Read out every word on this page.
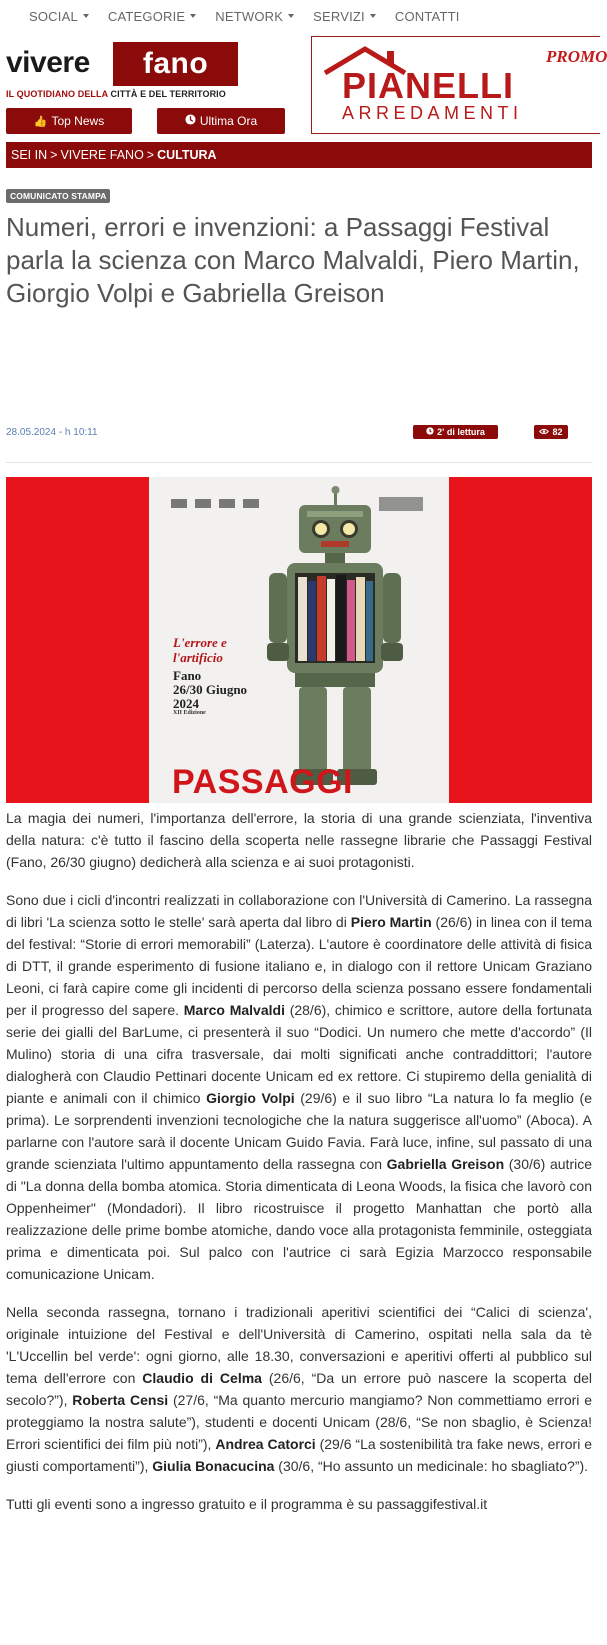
SOCIAL CATEGORIE NETWORK SERVIZI CONTATTI
vivere	fano
IL QUOTIDIANO DELLA CITTÀ E DEL TERRITORIO
👍 Top News	Ultima Ora
PIANELLI
ARREDAMENTI
PROMO
SEI IN > VIVERE FANO > CULTURA
COMUNICATO STAMPA
Numeri, errori e invenzioni: a Passaggi Festival parla la scienza con Marco Malvaldi, Piero Martin, Giorgio Volpi e Gabriella Greison
28.05.2024 - h 10:11	2' di lettura	82
L'errore e
l'artificio
Fano
26/30 Giugno
2024
XII Edizione
PASSAGGI

La magia dei numeri, l'importanza dell'errore, la storia di una grande scienziata, l'inventiva della natura: c'è tutto il fascino della scoperta nelle rassegne librarie che Passaggi Festival (Fano, 26/30 giugno) dedicherà alla scienza e ai suoi protagonisti.

Sono due i cicli d'incontri realizzati in collaborazione con l'Università di Camerino. La rassegna di libri 'La scienza sotto le stelle' sarà aperta dal libro di Piero Martin (26/6) in linea con il tema del festival: “Storie di errori memorabili” (Laterza). L'autore è coordinatore delle attività di fisica di DTT, il grande esperimento di fusione italiano e, in dialogo con il rettore Unicam Graziano Leoni, ci farà capire come gli incidenti di percorso della scienza possano essere fondamentali per il progresso del sapere. Marco Malvaldi (28/6), chimico e scrittore, autore della fortunata serie dei gialli del BarLume, ci presenterà il suo “Dodici. Un numero che mette d'accordo” (Il Mulino) storia di una cifra trasversale, dai molti significati anche contraddittori; l'autore dialogherà con Claudio Pettinari docente Unicam ed ex rettore. Ci stupiremo della genialità di piante e animali con il chimico Giorgio Volpi (29/6) e il suo libro “La natura lo fa meglio (e prima). Le sorprendenti invenzioni tecnologiche che la natura suggerisce all'uomo” (Aboca). A parlarne con l'autore sarà il docente Unicam Guido Favia. Farà luce, infine, sul passato di una grande scienziata l'ultimo appuntamento della rassegna con Gabriella Greison (30/6) autrice di "La donna della bomba atomica. Storia dimenticata di Leona Woods, la fisica che lavorò con Oppenheimer" (Mondadori). Il libro ricostruisce il progetto Manhattan che portò alla realizzazione delle prime bombe atomiche, dando voce alla protagonista femminile, osteggiata prima e dimenticata poi. Sul palco con l'autrice ci sarà Egizia Marzocco responsabile comunicazione Unicam.

Nella seconda rassegna, tornano i tradizionali aperitivi scientifici dei “Calici di scienza', originale intuizione del Festival e dell'Università di Camerino, ospitati nella sala da tè 'L'Uccellin bel verde': ogni giorno, alle 18.30, conversazioni e aperitivi offerti al pubblico sul tema dell'errore con Claudio di Celma (26/6, “Da un errore può nascere la scoperta del secolo?”), Roberta Censi (27/6, “Ma quanto mercurio mangiamo? Non commettiamo errori e proteggiamo la nostra salute”), studenti e docenti Unicam (28/6, “Se non sbaglio, è Scienza! Errori scientifici dei film più noti”), Andrea Catorci (29/6 “La sostenibilità tra fake news, errori e giusti comportamenti”), Giulia Bonacucina (30/6, “Ho assunto un medicinale: ho sbagliato?”).

Tutti gli eventi sono a ingresso gratuito e il programma è su passaggifestival.it
